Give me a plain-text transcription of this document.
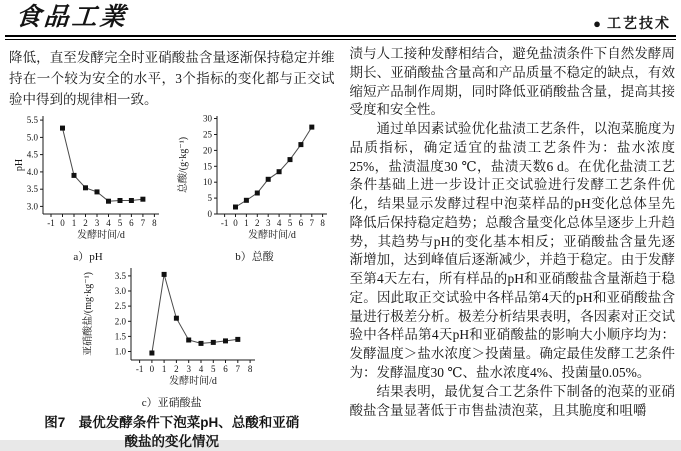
食品工業	● 工艺技术

降低，直至发酵完全时亚硝酸盐含量逐渐保持稳定并维持在一个较为安全的水平，3个指标的变化都与正交试验中得到的规律相一致。

-1 0 1 2 3 4 5 6 7 8
3.0
3.5
4.0
4.5
5.0
5.5
发酵时间/d
pH
a）pH
-1 0 1 2 3 4 5 6 7 8
0
5
10
15
20
25
30
发酵时间/d
总酸/(g·kg⁻¹)
b）总酸
-1 0 1 2 3 4 5 6 7 8
1.0
1.5
2.0
2.5
3.0
3.5
发酵时间/d
亚硝酸盐/(mg·kg⁻¹)
c）亚硝酸盐
图7　最优发酵条件下泡菜pH、总酸和亚硝
酸盐的变化情况

渍与人工接种发酵相结合，避免盐渍条件下自然发酵周期长、亚硝酸盐含量高和产品质量不稳定的缺点，有效缩短产品制作周期，同时降低亚硝酸盐含量，提高其接受度和安全性。

通过单因素试验优化盐渍工艺条件，以泡菜脆度为品质指标，确定适宜的盐渍工艺条件为：盐水浓度25%，盐渍温度30 ℃，盐渍天数6 d。在优化盐渍工艺条件基础上进一步设计正交试验进行发酵工艺条件优化，结果显示发酵过程中泡菜样品的pH变化总体呈先降低后保持稳定趋势；总酸含量变化总体呈逐步上升趋势，其趋势与pH的变化基本相反；亚硝酸盐含量先逐渐增加，达到峰值后逐渐减少，并趋于稳定。由于发酵至第4天左右，所有样品的pH和亚硝酸盐含量渐趋于稳定。因此取正交试验中各样品第4天的pH和亚硝酸盐含量进行极差分析。极差分析结果表明，各因素对正交试验中各样品第4天pH和亚硝酸盐的影响大小顺序均为：发酵温度＞盐水浓度＞投菌量。确定最佳发酵工艺条件为：发酵温度30 ℃、盐水浓度4%、投菌量0.05%。

结果表明，最优复合工艺条件下制备的泡菜的亚硝酸盐含量显著低于市售盐渍泡菜，且其脆度和咀嚼
